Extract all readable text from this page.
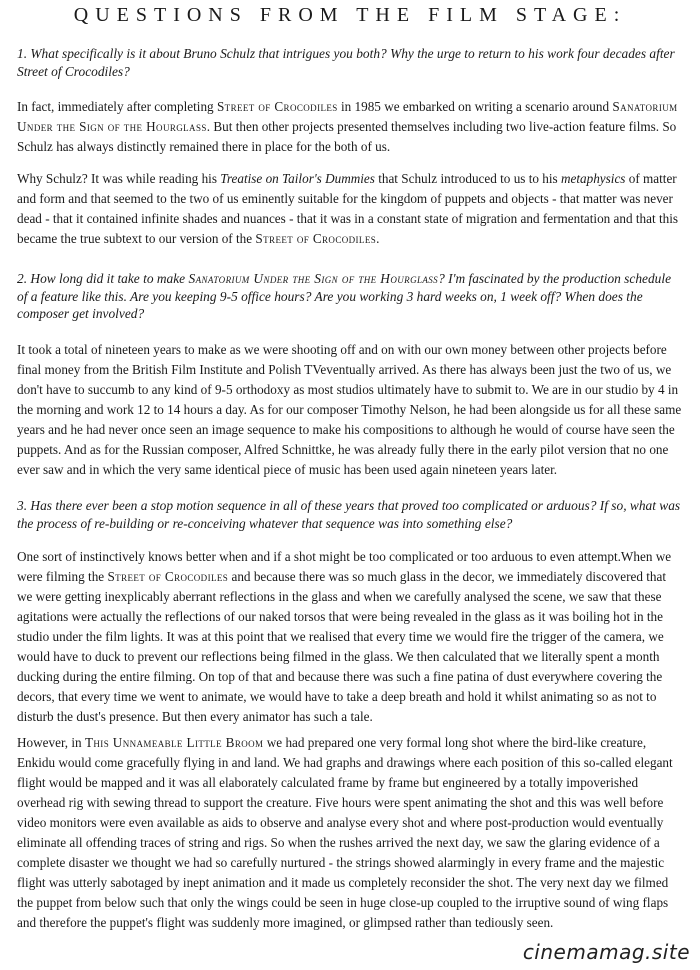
QUESTIONS FROM THE FILM STAGE:

1. What specifically is it about Bruno Schulz that intrigues you both? Why the urge to return to his work four decades after Street of Crocodiles?

In fact, immediately after completing Street of Crocodiles in 1985 we embarked on writing a scenario around Sanatorium Under the Sign of the Hourglass. But then other projects presented themselves including two live-action feature films. So Schulz has always distinctly remained there in place for the both of us.

Why Schulz? It was while reading his Treatise on Tailor's Dummies that Schulz introduced to us to his metaphysics of matter and form and that seemed to the two of us eminently suitable for the kingdom of puppets and objects - that matter was never dead - that it contained infinite shades and nuances - that it was in a constant state of migration and fermentation and that this became the true subtext to our version of the Street of Crocodiles.

2. How long did it take to make Sanatorium Under the Sign of the Hourglass? I'm fascinated by the production schedule of a feature like this. Are you keeping 9-5 office hours? Are you working 3 hard weeks on, 1 week off? When does the composer get involved?

It took a total of nineteen years to make as we were shooting off and on with our own money between other projects before final money from the British Film Institute and Polish TVeventually arrived. As there has always been just the two of us, we don't have to succumb to any kind of 9-5 orthodoxy as most studios ultimately have to submit to. We are in our studio by 4 in the morning and work 12 to 14 hours a day. As for our composer Timothy Nelson, he had been alongside us for all these same years and he had never once seen an image sequence to make his compositions to although he would of course have seen the puppets. And as for the Russian composer, Alfred Schnittke, he was already fully there in the early pilot version that no one ever saw and in which the very same identical piece of music has been used again nineteen years later.

3. Has there ever been a stop motion sequence in all of these years that proved too complicated or arduous? If so, what was the process of re-building or re-conceiving whatever that sequence was into something else?

One sort of instinctively knows better when and if a shot might be too complicated or too arduous to even attempt.When we were filming the Street of Crocodiles and because there was so much glass in the decor, we immediately discovered that we were getting inexplicably aberrant reflections in the glass and when we carefully analysed the scene, we saw that these agitations were actually the reflections of our naked torsos that were being revealed in the glass as it was boiling hot in the studio under the film lights. It was at this point that we realised that every time we would fire the trigger of the camera, we would have to duck to prevent our reflections being filmed in the glass. We then calculated that we literally spent a month ducking during the entire filming. On top of that and because there was such a fine patina of dust everywhere covering the decors, that every time we went to animate, we would have to take a deep breath and hold it whilst animating so as not to disturb the dust's presence. But then every animator has such a tale.

However, in This Unnameable Little Broom we had prepared one very formal long shot where the bird-like creature, Enkidu would come gracefully flying in and land. We had graphs and drawings where each position of this so-called elegant flight would be mapped and it was all elaborately calculated frame by frame but engineered by a totally impoverished overhead rig with sewing thread to support the creature. Five hours were spent animating the shot and this was well before video monitors were even available as aids to observe and analyse every shot and where post-production would eventually eliminate all offending traces of string and rigs. So when the rushes arrived the next day, we saw the glaring evidence of a complete disaster we thought we had so carefully nurtured - the strings showed alarmingly in every frame and the majestic flight was utterly sabotaged by inept animation and it made us completely reconsider the shot. The very next day we filmed the puppet from below such that only the wings could be seen in huge close-up coupled to the irruptive sound of wing flaps and therefore the puppet's flight was suddenly more imagined, or glimpsed rather than tediously seen.

cinemamag.site
